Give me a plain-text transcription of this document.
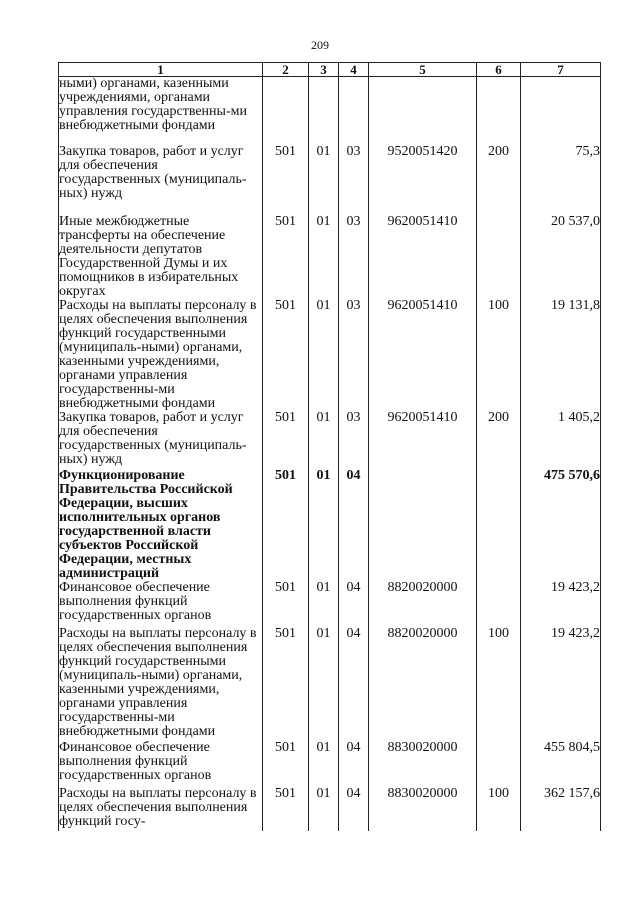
209
1	2	3	4	5	6	7
ными) органами, казенными учреждениями, органами управления государственны-ми внебюджетными фондами						
Закупка товаров, работ и услуг для обеспечения государственных (муниципаль-ных) нужд	501	01	03	9520051420	200	75,3
Иные межбюджетные трансферты на обеспечение деятельности депутатов Государственной Думы и их помощников в избирательных округах	501	01	03	9620051410		20 537,0
Расходы на выплаты персоналу в целях обеспечения выполнения функций государственными (муниципаль-ными) органами, казенными учреждениями, органами управления государственны-ми внебюджетными фондами	501	01	03	9620051410	100	19 131,8
Закупка товаров, работ и услуг для обеспечения государственных (муниципаль-ных) нужд	501	01	03	9620051410	200	1 405,2
Функционирование Правительства Российской Федерации, высших исполнительных органов государственной власти субъектов Российской Федерации, местных администраций	501	01	04			475 570,6
Финансовое обеспечение выполнения функций государственных органов	501	01	04	8820020000		19 423,2
Расходы на выплаты персоналу в целях обеспечения выполнения функций государственными (муниципаль-ными) органами, казенными учреждениями, органами управления государственны-ми внебюджетными фондами	501	01	04	8820020000	100	19 423,2
Финансовое обеспечение выполнения функций государственных органов	501	01	04	8830020000		455 804,5
Расходы на выплаты персоналу в целях обеспечения выполнения функций госу-	501	01	04	8830020000	100	362 157,6
